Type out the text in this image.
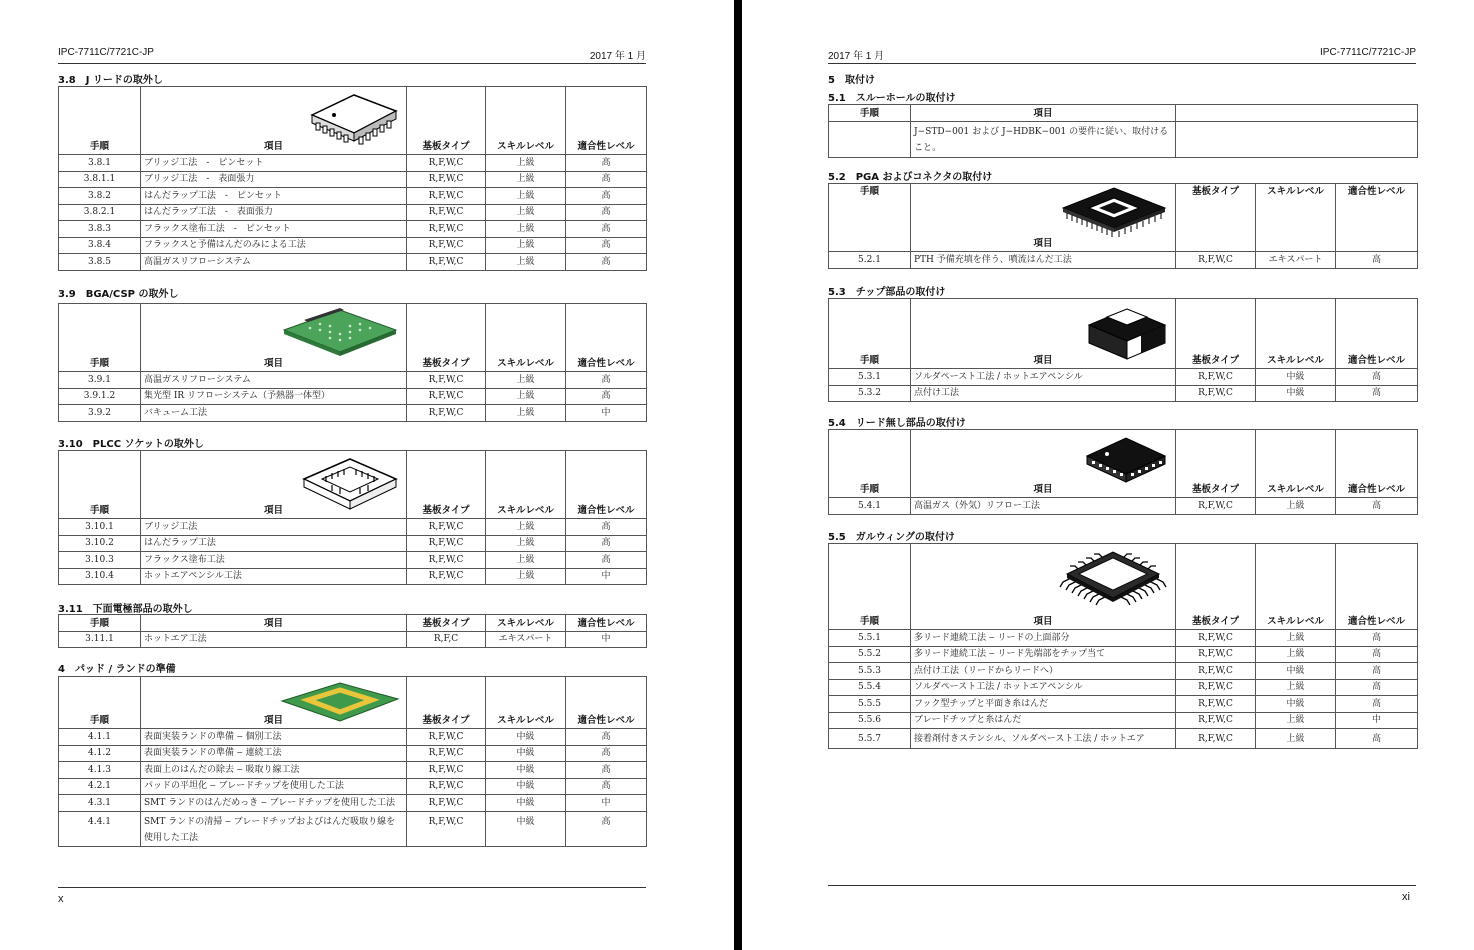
IPC-7711C/7721C-JP	2017 年 1 月
3.8　J リードの取外し
手順	項目	基板タイプ	スキルレベル	適合性レベル
3.8.1	ブリッジ工法　-　ピンセット	R,F,W,C	上級	高
3.8.1.1	ブリッジ工法　-　表面張力	R,F,W,C	上級	高
3.8.2	はんだラップ工法　-　ピンセット	R,F,W,C	上級	高
3.8.2.1	はんだラップ工法　-　表面張力	R,F,W,C	上級	高
3.8.3	フラックス塗布工法　-　ピンセット	R,F,W,C	上級	高
3.8.4	フラックスと予備はんだのみによる工法	R,F,W,C	上級	高
3.8.5	高温ガスリフローシステム	R,F,W,C	上級	高
3.9　BGA/CSP の取外し
手順	項目	基板タイプ	スキルレベル	適合性レベル
3.9.1	高温ガスリフローシステム	R,F,W,C	上級	高
3.9.1.2	集光型 IR リフローシステム（予熱器一体型）	R,F,W,C	上級	高
3.9.2	バキューム工法	R,F,W,C	上級	中
3.10　PLCC ソケットの取外し
手順	項目	基板タイプ	スキルレベル	適合性レベル
3.10.1	ブリッジ工法	R,F,W,C	上級	高
3.10.2	はんだラップ工法	R,F,W,C	上級	高
3.10.3	フラックス塗布工法	R,F,W,C	上級	高
3.10.4	ホットエアペンシル工法	R,F,W,C	上級	中
3.11　下面電極部品の取外し
手順	項目	基板タイプ	スキルレベル	適合性レベル
3.11.1	ホットエア工法	R,F,C	エキスパート	中
4　パッド / ランドの準備
手順	項目	基板タイプ	スキルレベル	適合性レベル
4.1.1	表面実装ランドの準備 ‒ 個別工法	R,F,W,C	中級	高
4.1.2	表面実装ランドの準備 ‒ 連続工法	R,F,W,C	中級	高
4.1.3	表面上のはんだの除去 ‒ 吸取り線工法	R,F,W,C	中級	高
4.2.1	パッドの平坦化 ‒ ブレードチップを使用した工法	R,F,W,C	中級	高
4.3.1	SMT ランドのはんだめっき ‒ ブレードチップを使用した工法	R,F,W,C	中級	中
4.4.1	SMT ランドの清掃 ‒ ブレードチップおよびはんだ吸取り線を使用した工法	R,F,W,C	中級	高
x
2017 年 1 月	IPC-7711C/7721C-JP
5　取付け
5.1　スルーホールの取付け
手順	項目	
	J−STD−001 および J−HDBK−001 の要件に従い、取付けること。	
5.2　PGA およびコネクタの取付け
手順	項目	基板タイプ	スキルレベル	適合性レベル
5.2.1	PTH 予備充填を伴う、噴流はんだ工法	R,F,W,C	エキスパート	高
5.3　チップ部品の取付け
手順	項目	基板タイプ	スキルレベル	適合性レベル
5.3.1	ソルダペースト工法 / ホットエアペンシル	R,F,W,C	中級	高
5.3.2	点付け工法	R,F,W,C	中級	高
5.4　リード無し部品の取付け
手順	項目	基板タイプ	スキルレベル	適合性レベル
5.4.1	高温ガス（外気）リフロー工法	R,F,W,C	上級	高
5.5　ガルウィングの取付け
手順	項目	基板タイプ	スキルレベル	適合性レベル
5.5.1	多リード連続工法 ‒ リードの上面部分	R,F,W,C	上級	高
5.5.2	多リード連続工法 ‒ リード先端部をチップ当て	R,F,W,C	上級	高
5.5.3	点付け工法（リードからリードへ）	R,F,W,C	中級	高
5.5.4	ソルダペースト工法 / ホットエアペンシル	R,F,W,C	上級	高
5.5.5	フック型チップと平面き糸はんだ	R,F,W,C	中級	高
5.5.6	ブレードチップと糸はんだ	R,F,W,C	上級	中
5.5.7	接着剤付きステンシル、ソルダペースト工法 / ホットエア	R,F,W,C	上級	高
xi
